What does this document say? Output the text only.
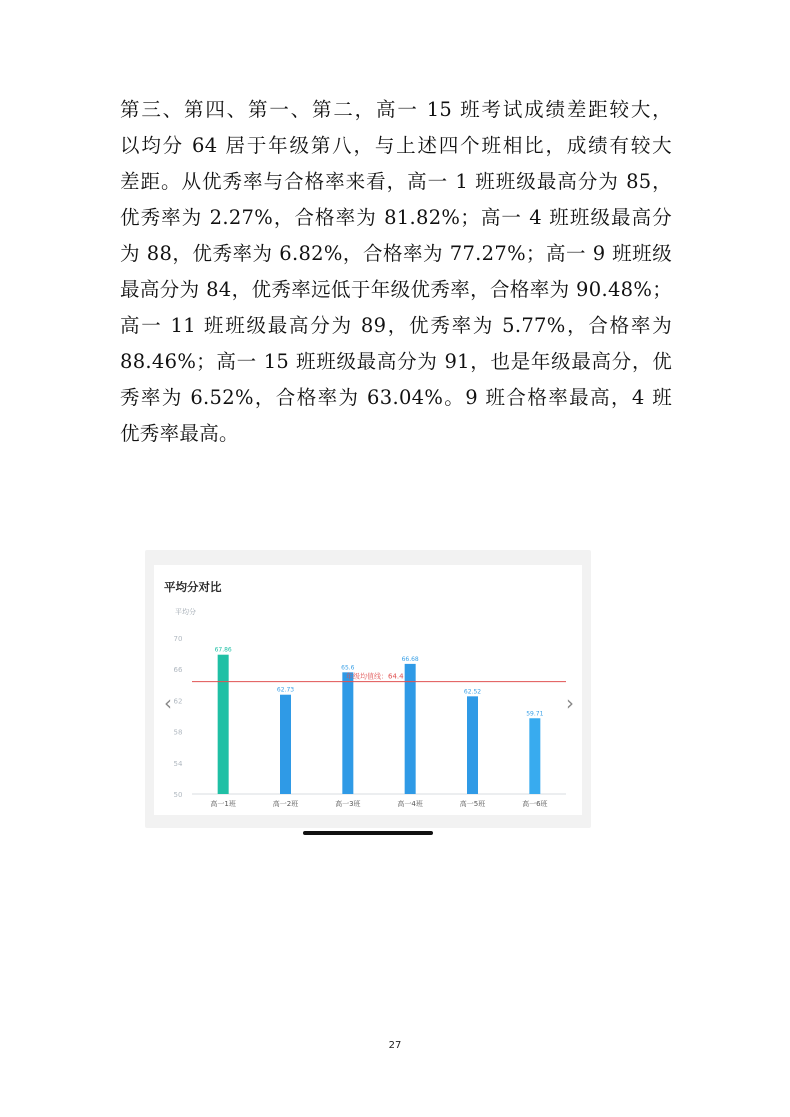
第三、第四、第一、第二，高一 15 班考试成绩差距较大，
以均分 64 居于年级第八，与上述四个班相比，成绩有较大
差距。从优秀率与合格率来看，高一 1 班班级最高分为 85，
优秀率为 2.27%，合格率为 81.82%；高一 4 班班级最高分
为 88，优秀率为 6.82%，合格率为 77.27%；高一 9 班班级
最高分为 84，优秀率远低于年级优秀率，合格率为 90.48%；
高一 11 班班级最高分为 89，优秀率为 5.77%，合格率为
88.46%；高一 15 班班级最高分为 91，也是年级最高分，优
秀率为 6.52%，合格率为 63.04%。9 班合格率最高，4 班
优秀率最高。
平均分对比
平均分
50
54
58
62
66
70
67.86
高一1班
62.73
高一2班
65.6
高一3班
66.68
高一4班
62.52
高一5班
59.71
高一6班
年级均值线：64.4
‹	›
27
